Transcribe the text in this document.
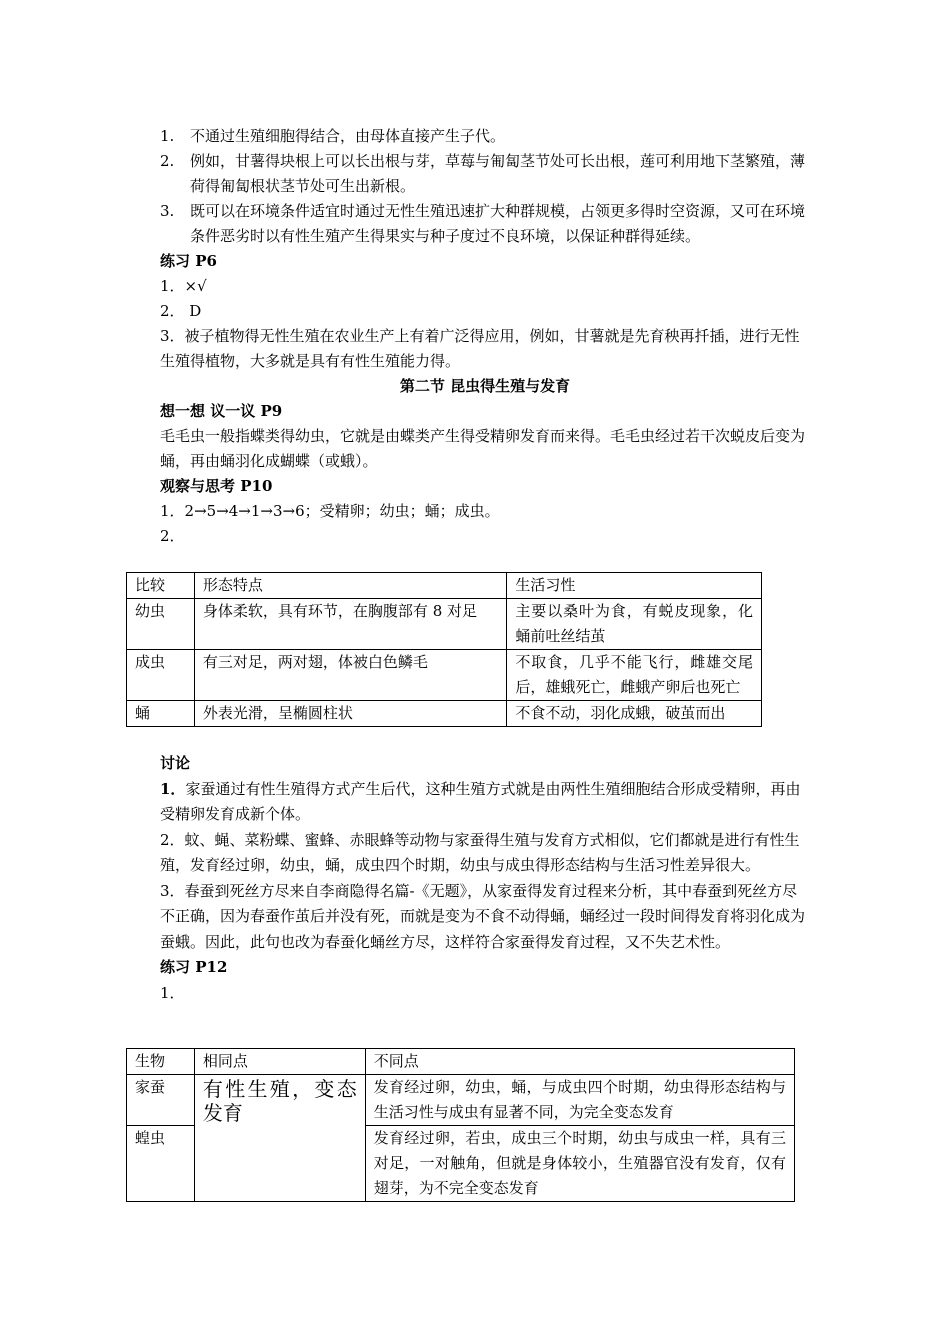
1. 不通过生殖细胞得结合，由母体直接产生子代。
2. 例如，甘薯得块根上可以长出根与芽，草莓与匍匐茎节处可长出根，莲可利用地下茎繁殖，薄荷得匍匐根状茎节处可生出新根。
3. 既可以在环境条件适宜时通过无性生殖迅速扩大种群规模，占领更多得时空资源，又可在环境条件恶劣时以有性生殖产生得果实与种子度过不良环境，以保证种群得延续。
练习 P6
1．×√
2． D
3．被子植物得无性生殖在农业生产上有着广泛得应用，例如，甘薯就是先育秧再扦插，进行无性生殖得植物，大多就是具有有性生殖能力得。
第二节 昆虫得生殖与发育
想一想 议一议 P9
毛毛虫一般指蝶类得幼虫，它就是由蝶类产生得受精卵发育而来得。毛毛虫经过若干次蜕皮后变为蛹，再由蛹羽化成蝴蝶（或蛾）。
观察与思考 P10
1．2→5→4→1→3→6；受精卵；幼虫；蛹；成虫。
2．
比较	形态特点	生活习性
幼虫	身体柔软，具有环节，在胸腹部有 8 对足	主要以桑叶为食，有蜕皮现象，化蛹前吐丝结茧
成虫	有三对足，两对翅，体被白色鳞毛	不取食，几乎不能飞行，雌雄交尾后，雄蛾死亡，雌蛾产卵后也死亡
蛹	外表光滑，呈椭圆柱状	不食不动，羽化成蛾，破茧而出
讨论
1．家蚕通过有性生殖得方式产生后代，这种生殖方式就是由两性生殖细胞结合形成受精卵，再由受精卵发育成新个体。
2．蚊、蝇、菜粉蝶、蜜蜂、赤眼蜂等动物与家蚕得生殖与发育方式相似，它们都就是进行有性生殖，发育经过卵，幼虫，蛹，成虫四个时期，幼虫与成虫得形态结构与生活习性差异很大。
3．春蚕到死丝方尽来自李商隐得名篇-《无题》，从家蚕得发育过程来分析，其中春蚕到死丝方尽不正确，因为春蚕作茧后并没有死，而就是变为不食不动得蛹，蛹经过一段时间得发育将羽化成为蚕蛾。因此，此句也改为春蚕化蛹丝方尽，这样符合家蚕得发育过程，又不失艺术性。
练习 P12
1．
生物	相同点	不同点
家蚕	有性生殖，变态发育	发育经过卵，幼虫，蛹，与成虫四个时期，幼虫得形态结构与生活习性与成虫有显著不同，为完全变态发育
蝗虫		发育经过卵，若虫，成虫三个时期，幼虫与成虫一样，具有三对足，一对触角，但就是身体较小，生殖器官没有发育，仅有翅芽，为不完全变态发育
